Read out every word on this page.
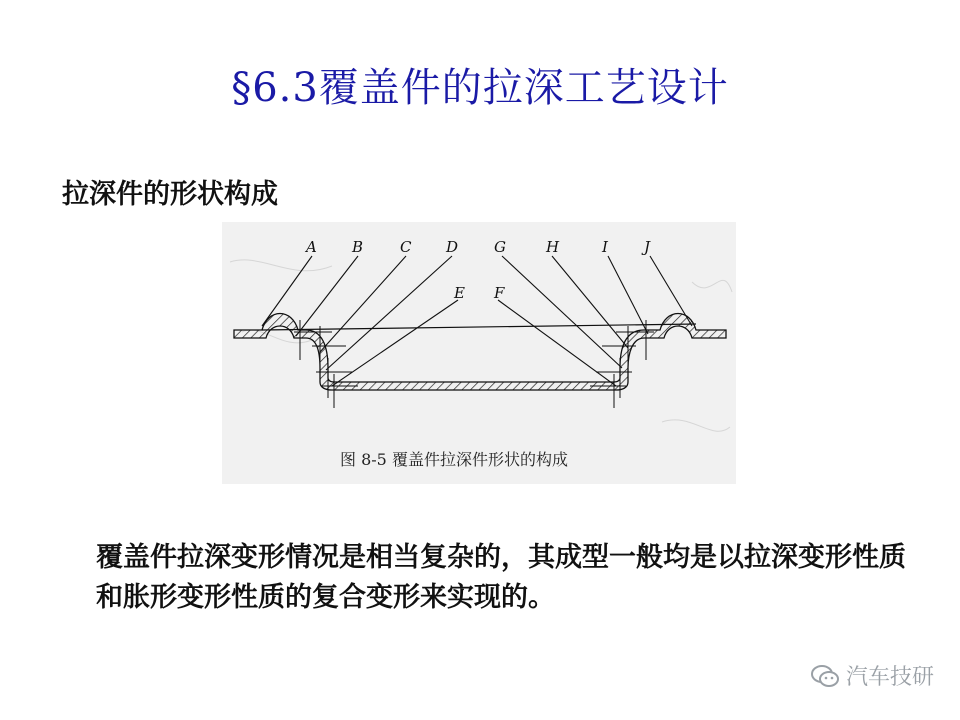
§6.3覆盖件的拉深工艺设计
拉深件的形状构成
A B C D
E F
G	H	I J
图 8-5 覆盖件拉深件形状的构成
覆盖件拉深变形情况是相当复杂的，其成型一般均是以拉深变形性质和胀形变形性质的复合变形来实现的。
汽车技研
